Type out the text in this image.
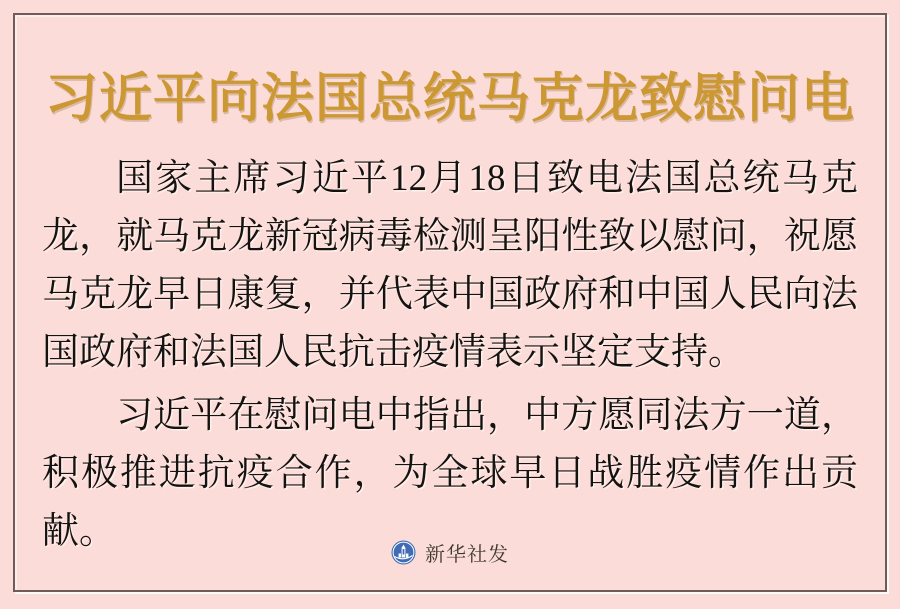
习近平向法国总统马克龙致慰问电

国家主席习近平12月18日致电法国总统马克龙，就马克龙新冠病毒检测呈阳性致以慰问，祝愿马克龙早日康复，并代表中国政府和中国人民向法国政府和法国人民抗击疫情表示坚定支持。

习近平在慰问电中指出，中方愿同法方一道，积极推进抗疫合作，为全球早日战胜疫情作出贡献。

新华社发
